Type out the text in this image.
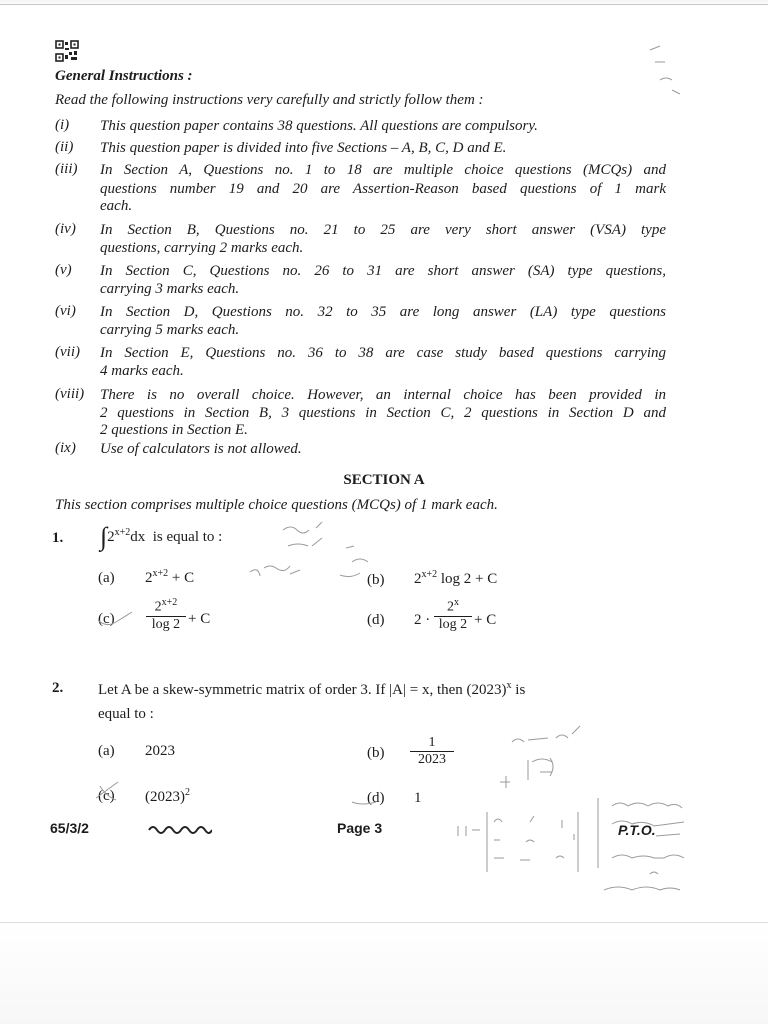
General Instructions :
Read the following instructions very carefully and strictly follow them :
(i) This question paper contains 38 questions. All questions are compulsory.
(ii) This question paper is divided into five Sections – A, B, C, D and E.
(iii) In Section A, Questions no. 1 to 18 are multiple choice questions (MCQs) and
questions number 19 and 20 are Assertion-Reason based questions of 1 mark
each.
(iv) In Section B, Questions no. 21 to 25 are very short answer (VSA) type
questions, carrying 2 marks each.
(v) In Section C, Questions no. 26 to 31 are short answer (SA) type questions,
carrying 3 marks each.
(vi) In Section D, Questions no. 32 to 35 are long answer (LA) type questions
carrying 5 marks each.
(vii) In Section E, Questions no. 36 to 38 are case study based questions carrying
4 marks each.
(viii) There is no overall choice. However, an internal choice has been provided in
2 questions in Section B, 3 questions in Section C, 2 questions in Section D and
2 questions in Section E.
(ix) Use of calculators is not allowed.
SECTION A
This section comprises multiple choice questions (MCQs) of 1 mark each.
1. $\int 2^{x+2}dx$ is equal to :
(a) $2^{x+2} + C$	(b) $2^{x+2}$ log 2 + C
(c)
$2^{x+2}$
log 2 + C	(d) 2 ·
$2^x$
log 2 + C
2. Let A be a skew-symmetric matrix of order 3. If |A| = x, then $(2023)^x$ is
equal to :
(a) 2023	(b)
1
2023
(c) $(2023)^2$	(d) 1
65/3/2	Page 3	P.T.O.
